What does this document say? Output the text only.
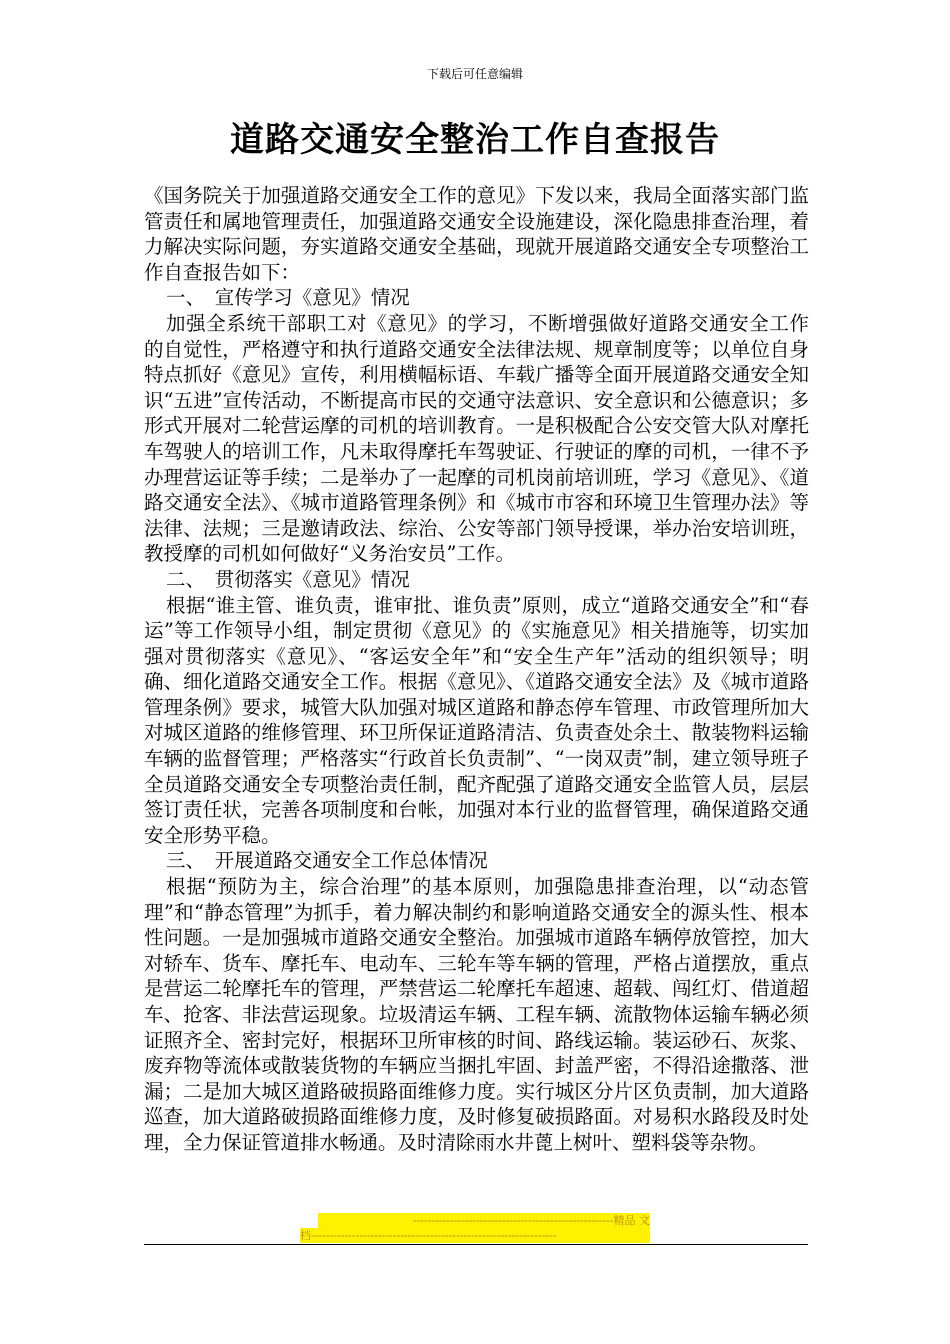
下载后可任意编辑
道路交通安全整治工作自查报告

《国务院关于加强道路交通安全工作的意见》下发以来，我局全面落实部门监管责任和属地管理责任，加强道路交通安全设施建设，深化隐患排查治理，着力解决实际问题，夯实道路交通安全基础，现就开展道路交通安全专项整治工作自查报告如下：

一、　宣传学习《意见》情况

加强全系统干部职工对《意见》的学习，不断增强做好道路交通安全工作的自觉性，严格遵守和执行道路交通安全法律法规、规章制度等；以单位自身特点抓好《意见》宣传，利用横幅标语、车载广播等全面开展道路交通安全知识“五进”宣传活动，不断提高市民的交通守法意识、安全意识和公德意识；多形式开展对二轮营运摩的司机的培训教育。一是积极配合公安交管大队对摩托车驾驶人的培训工作，凡未取得摩托车驾驶证、行驶证的摩的司机，一律不予办理营运证等手续；二是举办了一起摩的司机岗前培训班，学习《意见》、《道路交通安全法》、《城市道路管理条例》和《城市市容和环境卫生管理办法》等法律、法规；三是邀请政法、综治、公安等部门领导授课，举办治安培训班，教授摩的司机如何做好“义务治安员”工作。

二、　贯彻落实《意见》情况

根据“谁主管、谁负责，谁审批、谁负责”原则，成立“道路交通安全”和“春运”等工作领导小组，制定贯彻《意见》的《实施意见》相关措施等，切实加强对贯彻落实《意见》、“客运安全年”和“安全生产年”活动的组织领导；明确、细化道路交通安全工作。根据《意见》、《道路交通安全法》及《城市道路管理条例》要求，城管大队加强对城区道路和静态停车管理、市政管理所加大对城区道路的维修管理、环卫所保证道路清洁、负责查处余土、散装物料运输车辆的监督管理；严格落实“行政首长负责制”、“一岗双责”制，建立领导班子全员道路交通安全专项整治责任制，配齐配强了道路交通安全监管人员，层层签订责任状，完善各项制度和台帐，加强对本行业的监督管理，确保道路交通安全形势平稳。

三、　开展道路交通安全工作总体情况

根据“预防为主，综合治理”的基本原则，加强隐患排查治理，以“动态管理”和“静态管理”为抓手，着力解决制约和影响道路交通安全的源头性、根本性问题。一是加强城市道路交通安全整治。加强城市道路车辆停放管控，加大对轿车、货车、摩托车、电动车、三轮车等车辆的管理，严格占道摆放，重点是营运二轮摩托车的管理，严禁营运二轮摩托车超速、超载、闯红灯、借道超车、抢客、非法营运现象。垃圾清运车辆、工程车辆、流散物体运输车辆必须证照齐全、密封完好，根据环卫所审核的时间、路线运输。装运砂石、灰浆、废弃物等流体或散装货物的车辆应当捆扎牢固、封盖严密，不得沿途撒落、泄漏；二是加大城区道路破损路面维修力度。实行城区分片区负责制，加大道路巡查，加大道路破损路面维修力度，及时修复破损路面。对易积水路段及时处理，全力保证管道排水畅通。及时清除雨水井蓖上树叶、塑料袋等杂物。

------------------------------------------------------精品 文
档------------------------------------------------------------------
